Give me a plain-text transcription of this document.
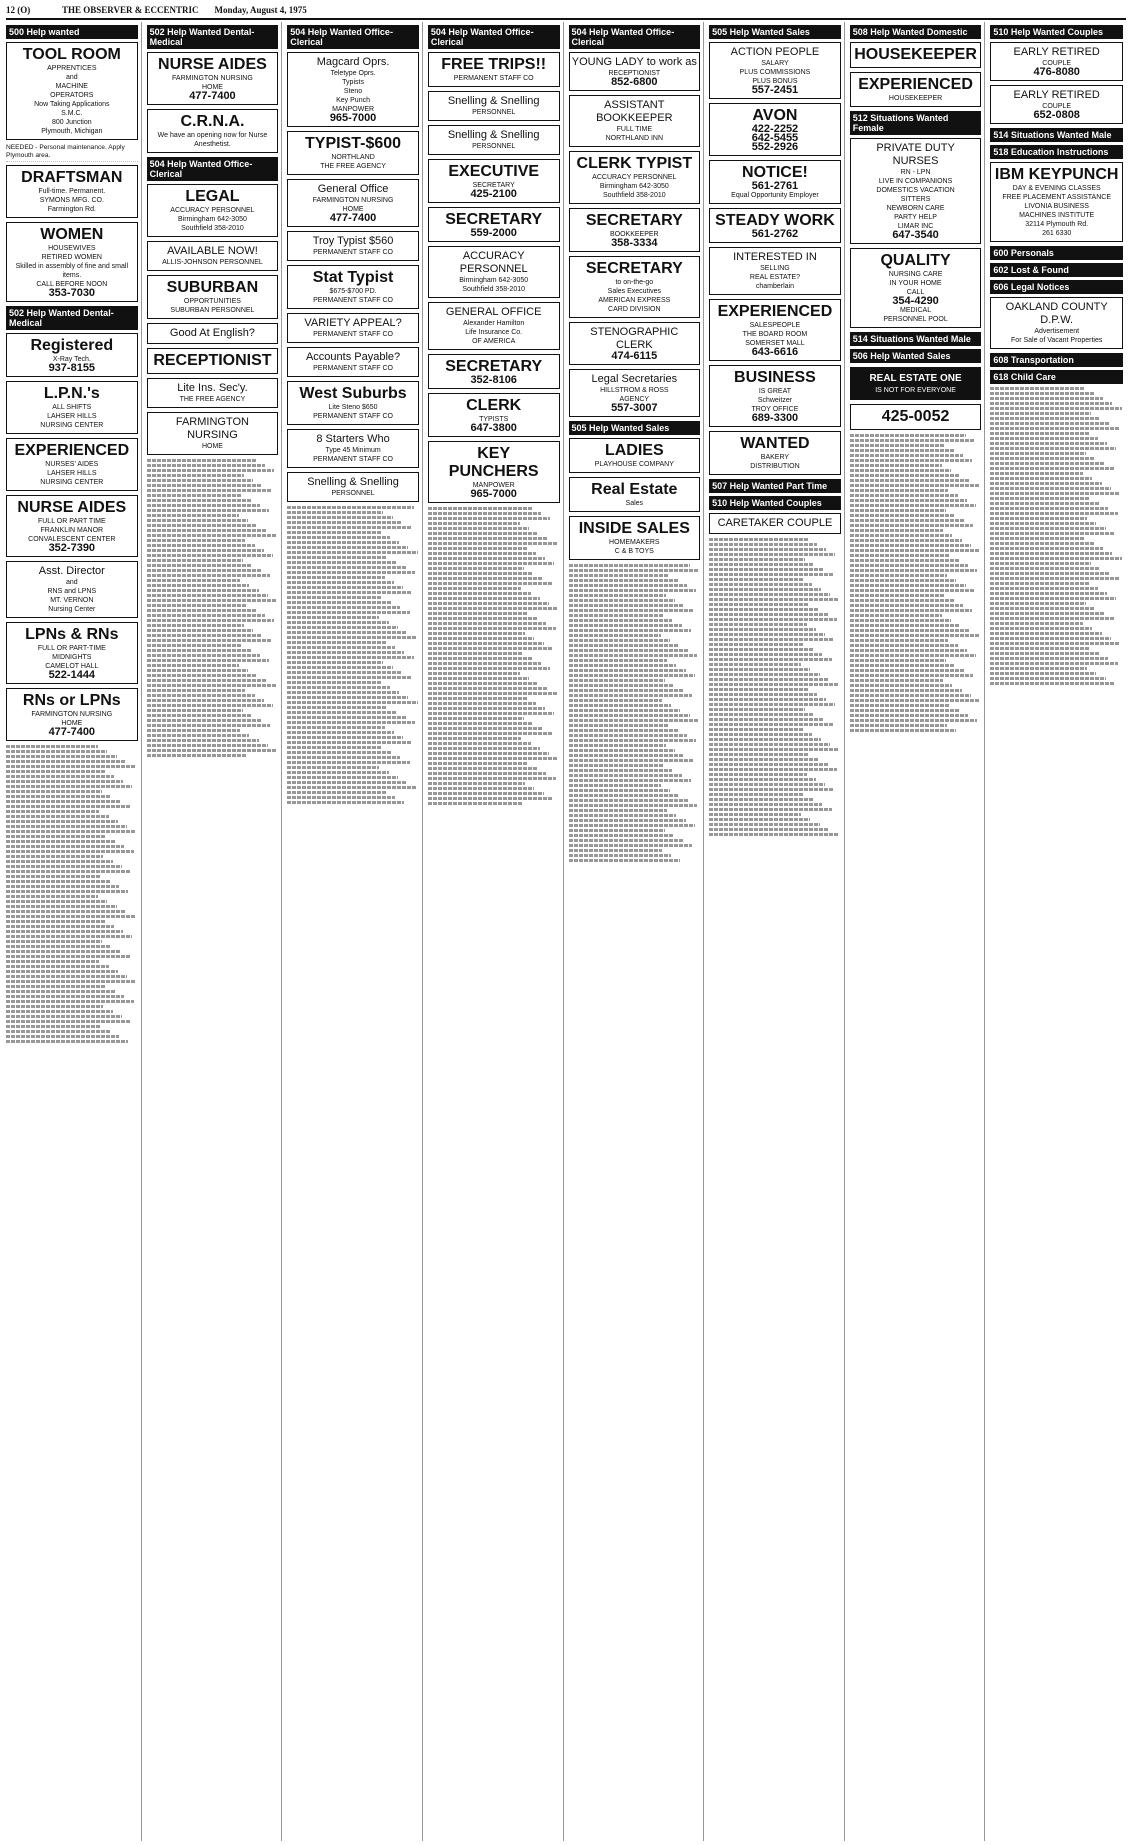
12 (O)	THE OBSERVER & ECCENTRIC Monday, August 4, 1975
500 Help wanted
TOOL ROOM
APPRENTICES
and
MACHINE
OPERATORS
Now Taking Applications
S.M.C.
800 Junction
Plymouth, Michigan
NEEDED - Personal maintenance. Apply Plymouth area.
DRAFTSMAN
Full-time. Permanent.
SYMONS MFG. CO.
Farmington Rd.
WOMEN
HOUSEWIVES
RETIRED WOMEN
Skilled in assembly of fine and small items.
CALL BEFORE NOON
353-7030
502 Help Wanted Dental-Medical
Registered
X-Ray Tech.
937-8155
L.P.N.'s
ALL SHIFTS
LAHSER HILLS
NURSING CENTER
EXPERIENCED
NURSES' AIDES
LAHSER HILLS
NURSING CENTER
NURSE AIDES
FULL OR PART TIME
FRANKLIN MANOR
CONVALESCENT CENTER
352-7390
Asst. Director
and
RNS and LPNS
MT. VERNON
Nursing Center
LPNs & RNs
FULL OR PART-TIME
MIDNIGHTS
CAMELOT HALL
522-1444
RNs or LPNs
FARMINGTON NURSING
HOME
477-7400
502 Help Wanted Dental-Medical
NURSE AIDES
FARMINGTON NURSING
HOME
477-7400
C.R.N.A.
We have an opening now for Nurse Anesthetist.
504 Help Wanted Office-Clerical
LEGAL
ACCURACY PERSONNEL
Birmingham 642-3050
Southfield 358-2010
AVAILABLE NOW!
ALLIS-JOHNSON PERSONNEL
SUBURBAN
OPPORTUNITIES
SUBURBAN PERSONNEL
Good At English?
RECEPTIONIST
Lite Ins. Sec'y.
THE FREE AGENCY
FARMINGTON NURSING
HOME
504 Help Wanted Office-Clerical
Magcard Oprs.
Teletype Oprs.
Typists
Steno
Key Punch
MANPOWER
965-7000
TYPIST-$600
NORTHLAND
THE FREE AGENCY
General Office
FARMINGTON NURSING
HOME
477-7400
Troy Typist $560
PERMANENT STAFF CO
Stat Typist
$675-$700 PD.
PERMANENT STAFF CO
VARIETY APPEAL?
PERMANENT STAFF CO
Accounts Payable?
PERMANENT STAFF CO
West Suburbs
Lite Steno $650
PERMANENT STAFF CO
8 Starters Who
Type 45 Minimum
PERMANENT STAFF CO
Snelling & Snelling
PERSONNEL
504 Help Wanted Office-Clerical
FREE TRIPS!!
PERMANENT STAFF CO
Snelling & Snelling
PERSONNEL
Snelling & Snelling
PERSONNEL
EXECUTIVE
SECRETARY
425-2100
SECRETARY
559-2000
ACCURACY PERSONNEL
Birmingham 642-3050
Southfield 358-2010
GENERAL OFFICE
Alexander Hamilton
Life Insurance Co.
OF AMERICA
SECRETARY
352-8106
CLERK
TYPISTS
647-3800
KEY PUNCHERS
MANPOWER
965-7000
504 Help Wanted Office-Clerical
YOUNG LADY to work as
RECEPTIONIST
852-6800
ASSISTANT BOOKKEEPER
FULL TIME
NORTHLAND INN
CLERK TYPIST
ACCURACY PERSONNEL
Birmingham 642-3050
Southfield 358-2010
SECRETARY
BOOKKEEPER
358-3334
SECRETARY
to on-the-go
Sales Executives
AMERICAN EXPRESS
CARD DIVISION
STENOGRAPHIC CLERK
474-6115
Legal Secretaries
HILLSTROM & ROSS
AGENCY
557-3007
505 Help Wanted Sales
LADIES
PLAYHOUSE COMPANY
Real Estate
Sales
INSIDE SALES
HOMEMAKERS
C & B TOYS
505 Help Wanted Sales
ACTION PEOPLE
SALARY
PLUS COMMISSIONS
PLUS BONUS
557-2451
AVON
422-2252
642-5455
552-2926
NOTICE!
561-2761
Equal Opportunity Employer
STEADY WORK
561-2762
INTERESTED IN
SELLING
REAL ESTATE?
chamberlain
EXPERIENCED
SALESPEOPLE
THE BOARD ROOM
SOMERSET MALL
643-6616
BUSINESS
IS GREAT
Schweitzer
TROY OFFICE
689-3300
WANTED
BAKERY
DISTRIBUTION
507 Help Wanted Part Time
510 Help Wanted Couples
CARETAKER COUPLE
508 Help Wanted Domestic
HOUSEKEEPER
EXPERIENCED
HOUSEKEEPER
512 Situations Wanted Female
PRIVATE DUTY NURSES
RN - LPN
LIVE IN COMPANIONS
DOMESTICS VACATION
SITTERS
NEWBORN CARE
PARTY HELP
LIMAR INC
647-3540
QUALITY
NURSING CARE
IN YOUR HOME
CALL
354-4290
MEDICAL
PERSONNEL POOL
514 Situations Wanted Male
506 Help Wanted Sales
REAL ESTATE ONE
IS NOT FOR EVERYONE
425-0052
510 Help Wanted Couples
EARLY RETIRED
COUPLE
476-8080
EARLY RETIRED
COUPLE
652-0808
514 Situations Wanted Male
518 Education Instructions
IBM KEYPUNCH
DAY & EVENING CLASSES
FREE PLACEMENT ASSISTANCE
LIVONIA BUSINESS
MACHINES INSTITUTE
32114 Plymouth Rd.
261 6330
600 Personals
602 Lost & Found
606 Legal Notices
OAKLAND COUNTY D.P.W.
Advertisement
For Sale of Vacant Properties
608 Transportation
618 Child Care
